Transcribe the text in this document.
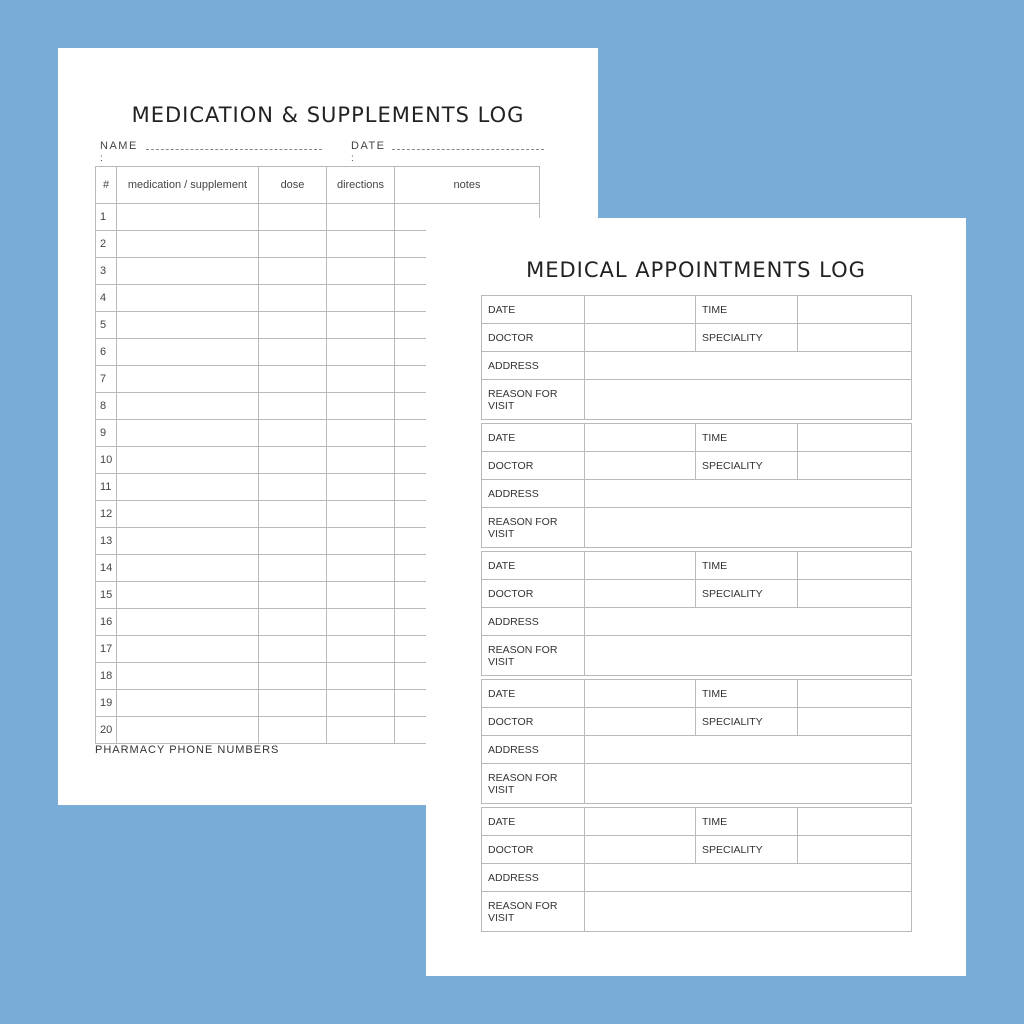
MEDICATION & SUPPLEMENTS LOG
NAME
:
DATE
:
#	medication / supplement	dose	directions	notes
1				
2				
3				
4				
5				
6				
7				
8				
9				
10				
11				
12				
13				
14				
15				
16				
17				
18				
19				
20				
PHARMACY PHONE NUMBERS
MEDICAL APPOINTMENTS LOG
DATE		TIME	
DOCTOR		SPECIALITY	
ADDRESS			
REASON FOR VISIT			
DATE		TIME	
DOCTOR		SPECIALITY	
ADDRESS			
REASON FOR VISIT			
DATE		TIME	
DOCTOR		SPECIALITY	
ADDRESS			
REASON FOR VISIT			
DATE		TIME	
DOCTOR		SPECIALITY	
ADDRESS			
REASON FOR VISIT			
DATE		TIME	
DOCTOR		SPECIALITY	
ADDRESS			
REASON FOR VISIT			
